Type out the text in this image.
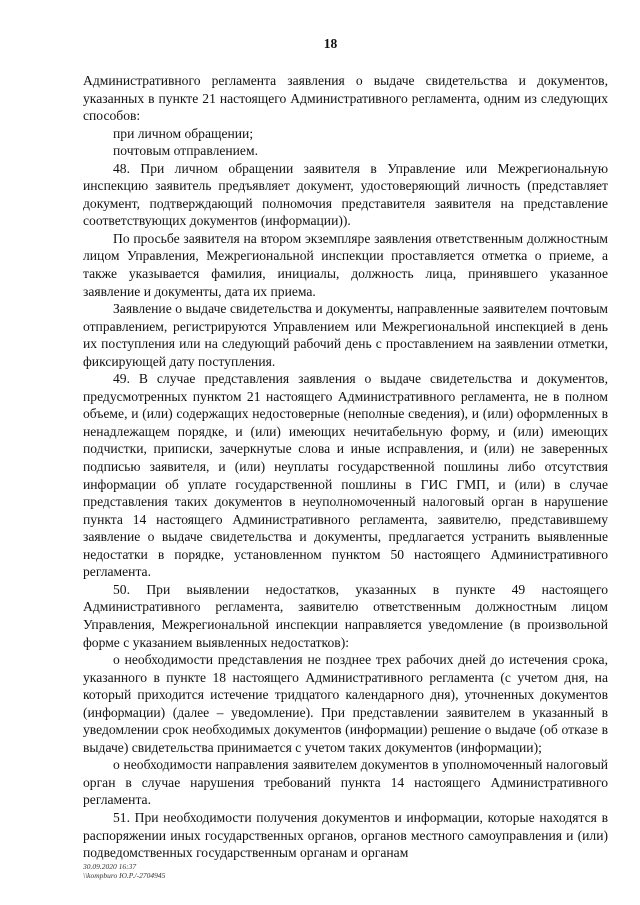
18

Административного регламента заявления о выдаче свидетельства и документов, указанных в пункте 21 настоящего Административного регламента, одним из следующих способов:

при личном обращении;

почтовым отправлением.

48. При личном обращении заявителя в Управление или Межрегиональную инспекцию заявитель предъявляет документ, удостоверяющий личность (представляет документ, подтверждающий полномочия представителя заявителя на представление соответствующих документов (информации)).

По просьбе заявителя на втором экземпляре заявления ответственным должностным лицом Управления, Межрегиональной инспекции проставляется отметка о приеме, а также указывается фамилия, инициалы, должность лица, принявшего указанное заявление и документы, дата их приема.

Заявление о выдаче свидетельства и документы, направленные заявителем почтовым отправлением, регистрируются Управлением или Межрегиональной инспекцией в день их поступления или на следующий рабочий день с проставлением на заявлении отметки, фиксирующей дату поступления.

49. В случае представления заявления о выдаче свидетельства и документов, предусмотренных пунктом 21 настоящего Административного регламента, не в полном объеме, и (или) содержащих недостоверные (неполные сведения), и (или) оформленных в ненадлежащем порядке, и (или) имеющих нечитабельную форму, и (или) имеющих подчистки, приписки, зачеркнутые слова и иные исправления, и (или) не заверенных подписью заявителя, и (или) неуплаты государственной пошлины либо отсутствия информации об уплате государственной пошлины в ГИС ГМП, и (или) в случае представления таких документов в неуполномоченный налоговый орган в нарушение пункта 14 настоящего Административного регламента, заявителю, представившему заявление о выдаче свидетельства и документы, предлагается устранить выявленные недостатки в порядке, установленном пунктом 50 настоящего Административного регламента.

50. При выявлении недостатков, указанных в пункте 49 настоящего Административного регламента, заявителю ответственным должностным лицом Управления, Межрегиональной инспекции направляется уведомление (в произвольной форме с указанием выявленных недостатков):

о необходимости представления не позднее трех рабочих дней до истечения срока, указанного в пункте 18 настоящего Административного регламента (с учетом дня, на который приходится истечение тридцатого календарного дня), уточненных документов (информации) (далее – уведомление). При представлении заявителем в указанный в уведомлении срок необходимых документов (информации) решение о выдаче (об отказе в выдаче) свидетельства принимается с учетом таких документов (информации);

о необходимости направления заявителем документов в уполномоченный налоговый орган в случае нарушения требований пункта 14 настоящего Административного регламента.

51. При необходимости получения документов и информации, которые находятся в распоряжении иных государственных органов, органов местного самоуправления и (или) подведомственных государственным органам и органам

30.09.2020 16:37
\\kompburo Ю.Р./-2704945
